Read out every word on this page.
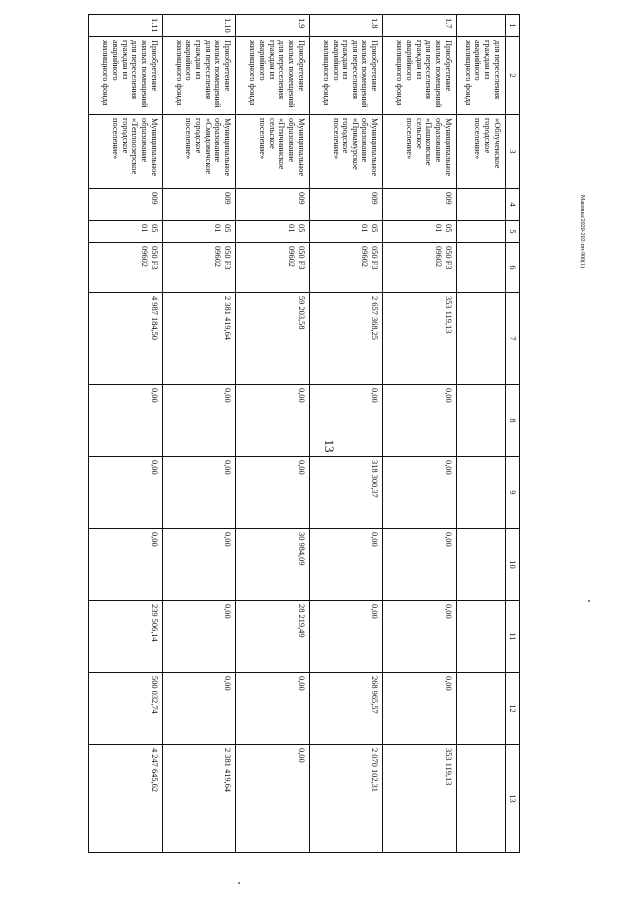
13
Маковка/2020-202-пп-900(1)
1	2	3	4	5	6	7	8	9	10	11	12	13
	для переселения граждан из аварийного жилищного фонда	«Облученское городское поселение»										
1.7	Приобретение жилых помещений для переселения граждан из аварийного жилищного фонда	Муниципальное образование «Пашковское сельское поселение»	009	05 01	050 F3 09602	353 119,13	0,00	0,00	0,00	0,00	0,00	353 119,13
1.8	Приобретение жилых помещений для переселения граждан из аварийного жилищного фонда	Муниципальное образование «Приамурское городское поселение»	009	05 01	050 F3 09602	2 657 368,25	0,00	318 300,37	0,00	0,00	268 965,57	2 070 102,31
1.9	Приобретение жилых помещений для переселения граждан из аварийного жилищного фонда	Муниципальное образование «Птичнинское сельское поселение»	009	05 01	050 F3 09602	59 203,58	0,00	0,00	30 984,09	28 219,49	0,00	0,00
1.10	Приобретение жилых помещений для переселения граждан из аварийного жилищного фонда	Муниципальное образование «Смидовичское городское поселение»	009	05 01	050 F3 09602	2 381 419,64	0,00	0,00	0,00	0,00	0,00	2 381 419,64
1.11	Приобретение жилых помещений для переселения граждан из аварийного жилищного фонда	Муниципальное образование «Теплоозерское городское поселение»	009	05 01	050 F3 09602	4 987 184,50	0,00	0,00	0,00	239 506,14	500 032,74	4 247 645,62
